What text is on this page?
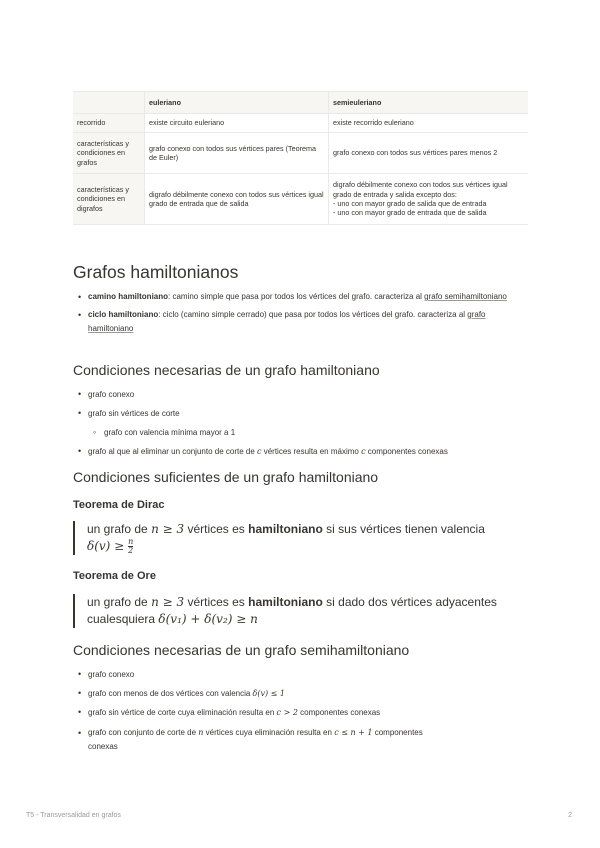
	euleriano	semieuleriano
recorrido	existe circuito euleriano	existe recorrido euleriano
características y condiciones en grafos	grafo conexo con todos sus vértices pares (Teorema de Euler)	grafo conexo con todos sus vértices pares menos 2
características y condiciones en digrafos	digrafo débilmente conexo con todos sus vértices igual grado de entrada que de salida	digrafo débilmente conexo con todos sus vértices igual grado de entrada y salida excepto dos:
- uno con mayor grado de salida que de entrada
- uno con mayor grado de entrada que de salida
Grafos hamiltonianos
• camino hamiltoniano: camino simple que pasa por todos los vértices del grafo. caracteriza al grafo semihamiltoniano
• ciclo hamiltoniano: ciclo (camino simple cerrado) que pasa por todos los vértices del grafo. caracteriza al grafo hamiltoniano
Condiciones necesarias de un grafo hamiltoniano
• grafo conexo
• grafo sin vértices de corte
◦ grafo con valencia mínima mayor a 1
• grafo al que al eliminar un conjunto de corte de c vértices resulta en máximo c componentes conexas
Condiciones suficientes de un grafo hamiltoniano
Teorema de Dirac
un grafo de n ≥ 3 vértices es hamiltoniano si sus vértices tienen valencia
$\delta(v) \ge \frac{n}{2}$
Teorema de Ore
un grafo de n ≥ 3 vértices es hamiltoniano si dado dos vértices adyacentes
cualesquiera δ(v₁) + δ(v₂) ≥ n
Condiciones necesarias de un grafo semihamiltoniano
• grafo conexo
• grafo con menos de dos vértices con valencia δ(v) ≤ 1
• grafo sin vértice de corte cuya eliminación resulta en c > 2 componentes conexas
• grafo con conjunto de corte de n vértices cuya eliminación resulta en c ≤ n + 1 componentes
conexas
T5 - Transversalidad en grafos	2
